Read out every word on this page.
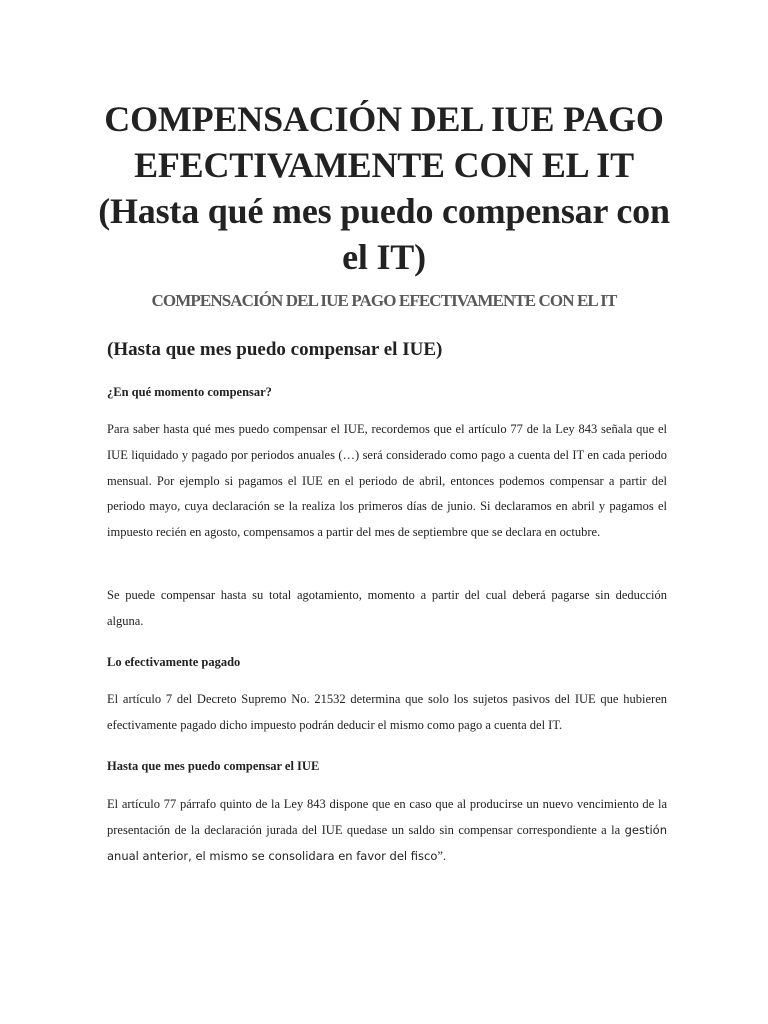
COMPENSACIÓN DEL IUE PAGO EFECTIVAMENTE CON EL IT (Hasta qué mes puedo compensar con el IT)
COMPENSACIÓN DEL IUE PAGO EFECTIVAMENTE CON EL IT
(Hasta que mes puedo compensar el IUE)
¿En qué momento compensar?

Para saber hasta qué mes puedo compensar el IUE, recordemos que el artículo 77 de la Ley 843 señala que el IUE liquidado y pagado por periodos anuales (…) será considerado como pago a cuenta del IT en cada periodo mensual. Por ejemplo si pagamos el IUE en el periodo de abril, entonces podemos compensar a partir del periodo mayo, cuya declaración se la realiza los primeros días de junio. Si declaramos en abril y pagamos el impuesto recién en agosto, compensamos a partir del mes de septiembre que se declara en octubre.

Se puede compensar hasta su total agotamiento, momento a partir del cual deberá pagarse sin deducción alguna.

Lo efectivamente pagado

El artículo 7 del Decreto Supremo No. 21532 determina que solo los sujetos pasivos del IUE que hubieren efectivamente pagado dicho impuesto podrán deducir el mismo como pago a cuenta del IT.

Hasta que mes puedo compensar el IUE

El artículo 77 párrafo quinto de la Ley 843 dispone que en caso que al producirse un nuevo vencimiento de la presentación de la declaración jurada del IUE quedase un saldo sin compensar correspondiente a la gestión anual anterior, el mismo se consolidara en favor del fisco”.
